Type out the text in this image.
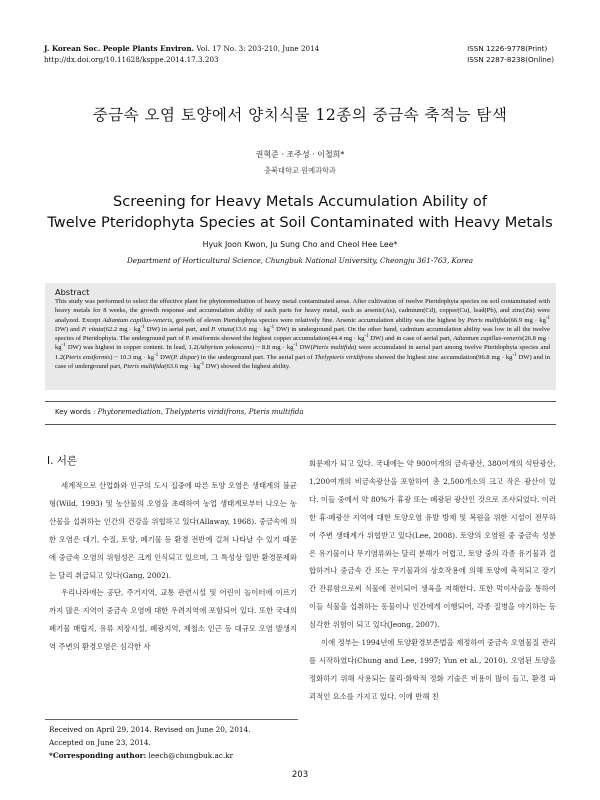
J. Korean Soc. People Plants Environ. Vol. 17 No. 3: 203-210, June 2014
http://dx.doi.org/10.11628/ksppe.2014.17.3.203
ISSN 1226-9778(Print)
ISSN 2287-8238(Online)
중금속 오염 토양에서 양치식물 12종의 중금속 축적능 탐색
권혁준 · 조주성 · 이철희*
충북대학교 원예과학과
Screening for Heavy Metals Accumulation Ability of
Twelve Pteridophyta Species at Soil Contaminated with Heavy Metals
Hyuk Joon Kwon, Ju Sung Cho and Cheol Hee Lee*
Department of Horticultural Science, Chungbuk National University, Cheongju 361-763, Korea
Abstract
This study was performed to select the effective plant for phytoremediation of heavy metal contaminated areas. After cultivation of twelve Pteridophyta species on soil contaminated with heavy metals for 8 weeks, the growth response and accumulation ability of each parts for heavy metal, such as arsenic(As), cadmium(Cd), copper(Cu), lead(Pb), and zinc(Zn) were analyzed. Except Adiantum capillus-veneris, growth of eleven Pteridophyta species were relatively fine. Arsenic accumulation ability was the highest by Pteris multifida(66.9 mg · $kg^{-1}$ DW) and P. vitata(62.2 mg · $kg^{-1}$ DW) in aerial part, and P. vitata(13.6 mg · $kg^{-1}$ DW) in underground part. On the other hand, cadmium accumulation ability was low in all the twelve species of Pteridophyta. The underground part of P. ensiformis showed the highest copper accumulation(44.4 mg · $kg^{-1}$ DW) and in case of aerial part, Adiantum capillus-veneris(26.8 mg · $kg^{-1}$ DW) was highest in copper content. In lead, 1.2(Athyrium yokoscens) ~ 8.8 mg · $kg^{-1}$ DW(Pteris multifida) were accumulated in aerial part among twelve Pteridophyta species and 1.2(Pteris ensiformis) ~ 10.3 mg · $kg^{-1}$ DW(P. dispar) in the underground part. The aerial part of Thelypteris viridifrons showed the highest zinc accumulation(96.8 mg · $kg^{-1}$ DW) and in case of underground part, Pteris multifida(63.6 mg · $kg^{-1}$ DW) showed the highest ability.
Key words : Phytoremediation, Thelypteris viridifrons, Pteris multifida
Ⅰ. 서론

세계적으로 산업화와 인구의 도시 집중에 따른 토양 오염은 생태계의 불균형(Wild, 1993) 및 농산물의 오염을 초래하여 농업 생태계로부터 나오는 농산물을 섭취하는 인간의 건강을 위협하고 있다(Allaway, 1968). 중금속에 의한 오염은 대기, 수질, 토양, 폐기물 등 환경 전반에 걸쳐 나타날 수 있기 때문에 중금속 오염의 위험성은 크게 인식되고 있으며, 그 특성상 일반 환경문제와는 달리 취급되고 있다(Gang, 2002).

우리나라에는 공단, 주거지역, 교통 관련시설 및 어린이 놀이터에 이르기까지 많은 지역이 중금속 오염에 대한 우려지역에 포함되어 있다. 또한 국내의 폐기물 매립지, 유류 저장시설, 폐광지역, 제철소 인근 등 대규모 오염 발생지역 주변의 환경오염은 심각한 사

회문제가 되고 있다. 국내에는 약 900여개의 금속광산, 380여개의 석탄광산, 1,200여개의 비금속광산을 포함하여 총 2,500개소의 크고 작은 광산이 있다. 이들 중에서 약 80%가 휴광 또는 폐광된 광산인 것으로 조사되었다. 이러한 휴·폐광산 지역에 대한 토양오염 유발 방제 및 복원을 위한 시설이 전무하여 주변 생태계가 위협받고 있다(Lee, 2008). 토양의 오염원 중 중금속 성분은 유기물이나 무기염류와는 달리 분해가 어렵고, 토양 중의 각종 유기물과 결합하거나 중금속 간 또는 무기물과의 상호작용에 의해 토양에 축적되고 장기간 잔류함으로써 식물에 전이되어 생육을 저해한다. 또한 먹이사슬을 통하여 이들 식물을 섭취하는 동물이나 인간에게 이행되어, 각종 질병을 야기하는 등 심각한 위험이 되고 있다(Jeong, 2007).

이에 정부는 1994년에 토양환경보존법을 제정하여 중금속 오염물질 관리를 시작하였다(Chung and Lee, 1997; Yun et al., 2010). 오염된 토양을 정화하기 위해 사용되는 물리·화학적 정화 기술은 비용이 많이 들고, 환경 파괴적인 요소를 가지고 있다. 이에 반해 친

Received on April 29, 2014. Revised on June 20, 2014.
Accepted on June 23, 2014.
*Corresponding author: leech@chungbuk.ac.kr
203
